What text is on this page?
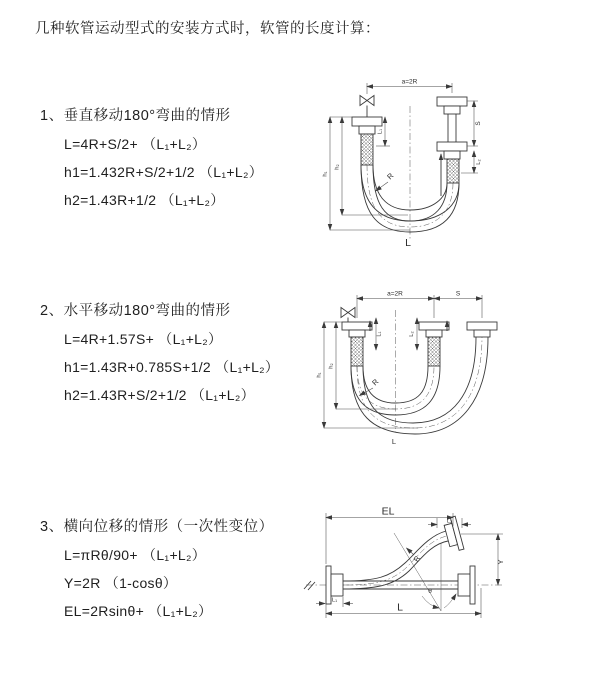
几种软管运动型式的安装方式时，软管的长度计算：

1、垂直移动180°弯曲的情形

L=4R+S/2+ （L₁+L₂）

h1=1.432R+S/2+1/2 （L₁+L₂）

h2=1.43R+1/2 （L₁+L₂）

2、水平移动180°弯曲的情形

L=4R+1.57S+ （L₁+L₂）

h1=1.43R+0.785S+1/2 （L₁+L₂）

h2=1.43R+S/2+1/2 （L₁+L₂）

3、横向位移的情形（一次性变位）

L=πRθ/90+ （L₁+L₂）

Y=2R （1-cosθ）

EL=2Rsinθ+ （L₁+L₂）

a=2R
L₁
S
L₂
h₁
h₂
R
L
a=2R	S
L₁	L₂
h₁
h₂
R
L
θ
EL
L₂
Y
L₁
L
R
